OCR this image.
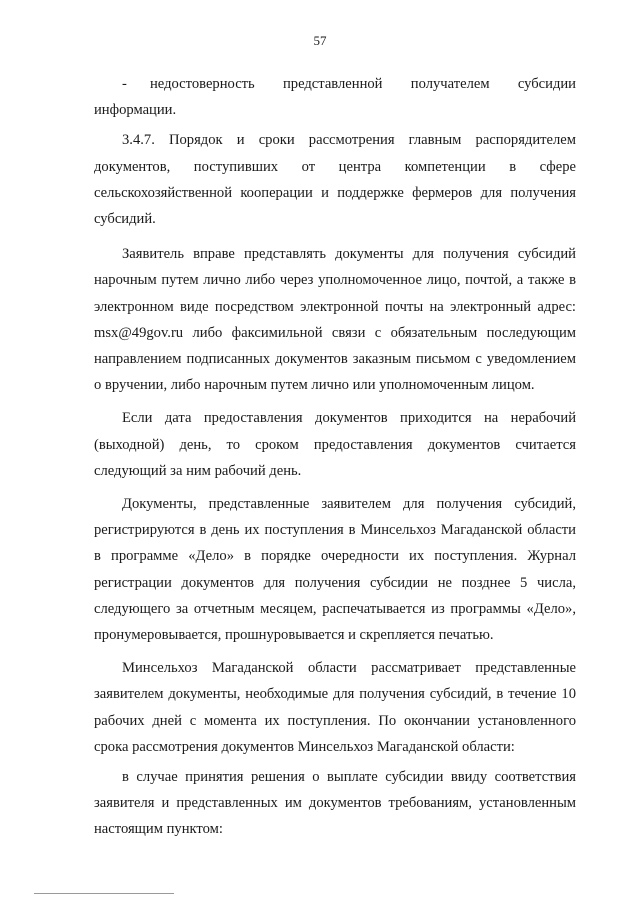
57

- недостоверность представленной получателем субсидии информации.

3.4.7. Порядок и сроки рассмотрения главным распорядителем документов, поступивших от центра компетенции в сфере сельскохозяйственной кооперации и поддержке фермеров для получения субсидий.

Заявитель вправе представлять документы для получения субсидий нарочным путем лично либо через уполномоченное лицо, почтой, а также в электронном виде посредством электронной почты на электронный адрес: msx@49gov.ru либо факсимильной связи с обязательным последующим направлением подписанных документов заказным письмом с уведомлением о вручении, либо нарочным путем лично или уполномоченным лицом.

Если дата предоставления документов приходится на нерабочий (выходной) день, то сроком предоставления документов считается следующий за ним рабочий день.

Документы, представленные заявителем для получения субсидий, регистрируются в день их поступления в Минсельхоз Магаданской области в программе «Дело» в порядке очередности их поступления. Журнал регистрации документов для получения субсидии не позднее 5 числа, следующего за отчетным месяцем, распечатывается из программы «Дело», пронумеровывается, прошнуровывается и скрепляется печатью.

Минсельхоз Магаданской области рассматривает представленные заявителем документы, необходимые для получения субсидий, в течение 10 рабочих дней с момента их поступления. По окончании установленного срока рассмотрения документов Минсельхоз Магаданской области:

в случае принятия решения о выплате субсидии ввиду соответствия заявителя и представленных им документов требованиям, установленным настоящим пунктом:
